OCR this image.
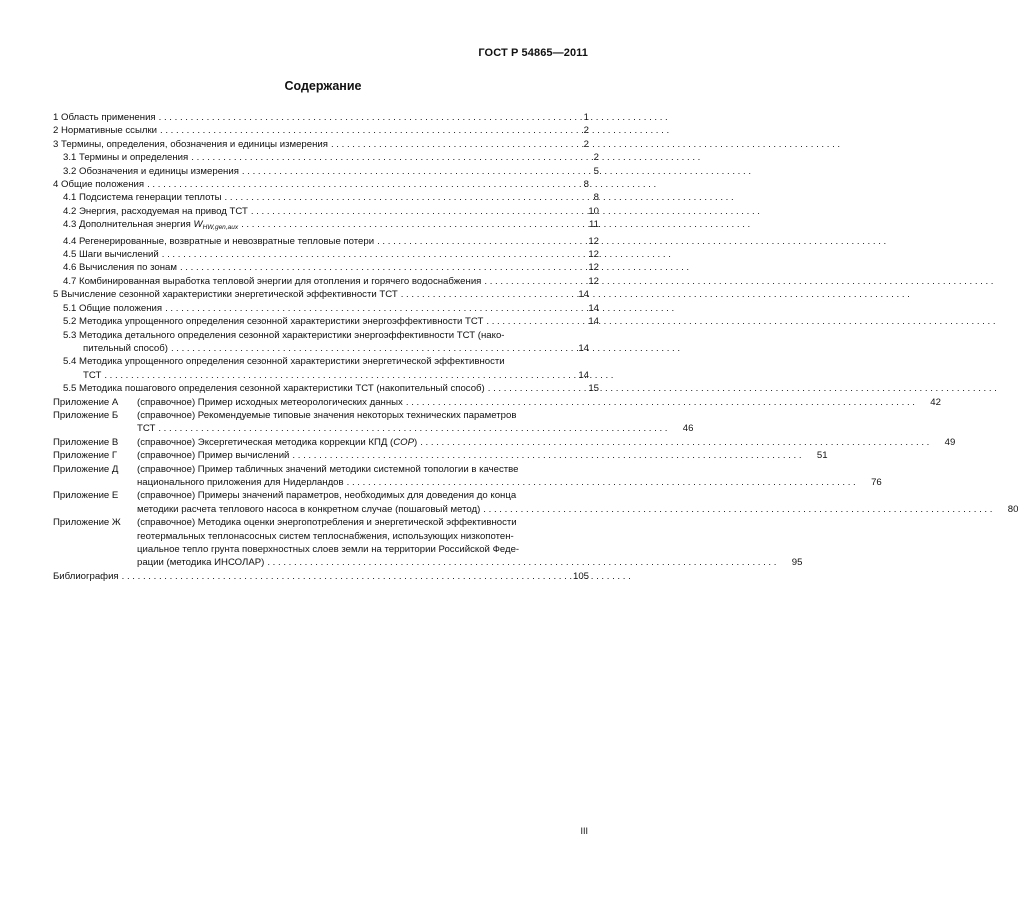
ГОСТ Р 54865—2011
Содержание
1 Область применения . . .	1
2 Нормативные ссылки . . .	2
3 Термины, определения, обозначения и единицы измерения . . .	2
3.1 Термины и определения . . .	2
3.2 Обозначения и единицы измерения . . .	5
4 Общие положения . . .	8
4.1 Подсистема генерации теплоты . . .	8
4.2 Энергия, расходуемая на привод ТСТ . . .	10
4.3 Дополнительная энергия $W_{HW,gen,aux}$ . . .	11
4.4 Регенерированные, возвратные и невозвратные тепловые потери . . .	12
4.5 Шаги вычислений . . .	12
4.6 Вычисления по зонам . . .	12
4.7 Комбинированная выработка тепловой энергии для отопления и горячего водоснабжения . . .	12
5 Вычисление сезонной характеристики энергетической эффективности ТСТ . . .	14
5.1 Общие положения . . .	14
5.2 Методика упрощенного определения сезонной характеристики энергоэффективности ТСТ . . .	14
5.3 Методика детального определения сезонной характеристики энергоэффективности ТСТ (нако-
пительный способ) . . .	14
5.4 Методика упрощенного определения сезонной характеристики энергетической эффективности
ТСТ . . .	14
5.5 Методика пошагового определения сезонной характеристики ТСТ (накопительный способ) . . .	15
Приложение А	(справочное) Пример исходных метеорологических данных . . .	42
Приложение Б	(справочное) Рекомендуемые типовые значения некоторых технических параметров
ТСТ . . .	46
Приложение В	(справочное) Эксергетическая методика коррекции КПД (COP) . . .	49
Приложение Г	(справочное) Пример вычислений . . .	51
Приложение Д	(справочное) Пример табличных значений методики системной топологии в качестве
национального приложения для Нидерландов . . .	76
Приложение Е	(справочное) Примеры значений параметров, необходимых для доведения до конца
методики расчета теплового насоса в конкретном случае (пошаговый метод) . . .	80
Приложение Ж	(справочное) Методика оценки энергопотребления и энергетической эффективности
геотермальных теплонасосных систем теплоснабжения, использующих низкопотен-
циальное тепло грунта поверхностных слоев земли на территории Российской Феде-
рации (методика ИНСОЛАР) . . .	95
Библиография . . .	105
III
